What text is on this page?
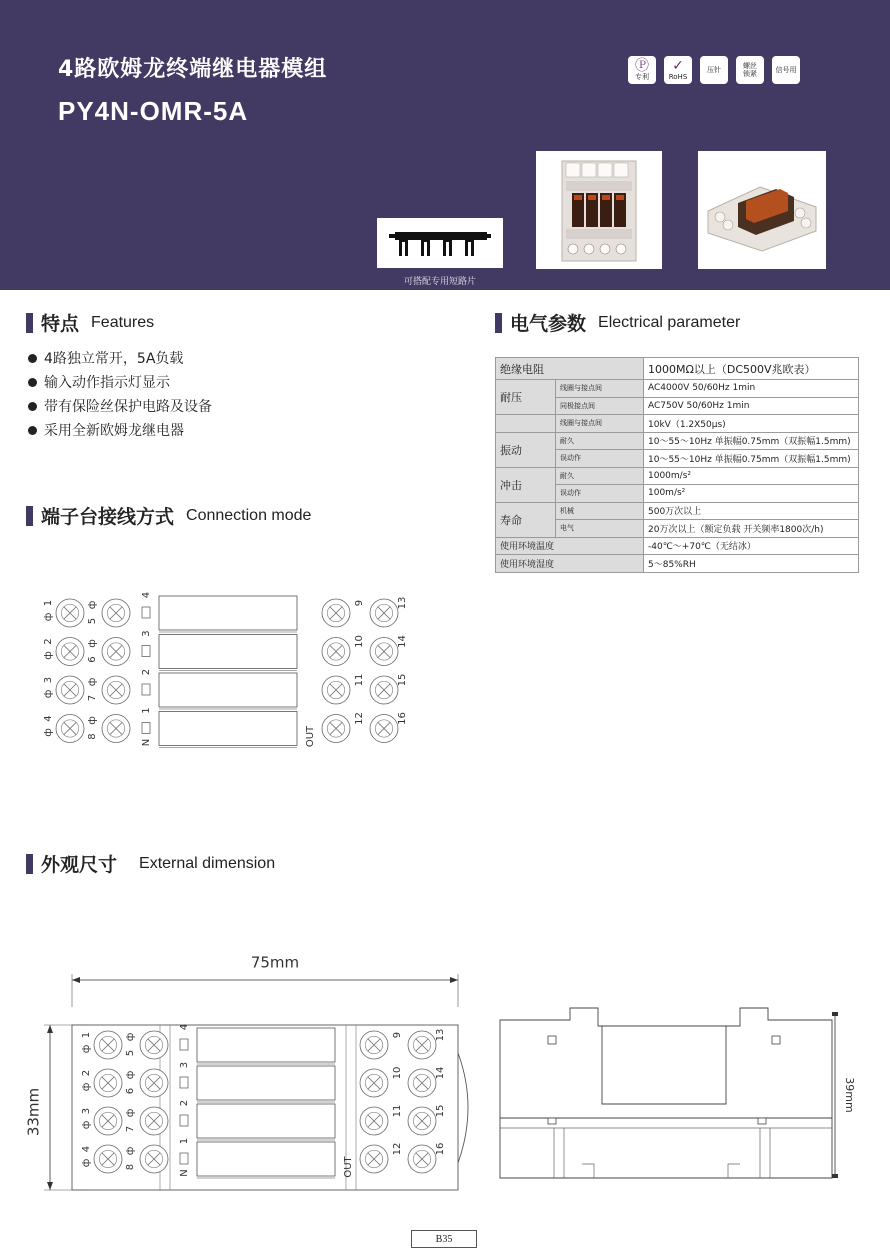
4路欧姆龙终端继电器模组
PY4N-OMR-5A
Ⓟ
专利
✓
RoHS
压针	螺丝
锁紧	信号用
可搭配专用短路片
特点 Features
4路独立常开，5A负载
输入动作指示灯显示
带有保险丝保护电路及设备
采用全新欧姆龙继电器
电气参数 Electrical parameter
绝缘电阻		1000MΩ以上（DC500V兆欧表）
耐压	线圈与接点间	AC4000V 50/60Hz 1min
	同极接点间	AC750V 50/60Hz 1min
	线圈与接点间	10kV（1.2X50μs)
振动	耐久	10～55～10Hz 单振幅0.75mm（双振幅1.5mm)
	误动作	10～55～10Hz 单振幅0.75mm（双振幅1.5mm)
冲击	耐久	1000m/s²
	误动作	100m/s²
寿命	机械	500万次以上
	电气	20万次以上（额定负载 开关频率1800次/h)
使用环境温度		-40℃～+70℃（无结冰）
使用环境湿度		5～85%RH
端子台接线方式 Connection mode
1
ф	5
ф
4
9	13
2
ф	6
ф
3
10	14
3
ф	7
ф
2
11	15
4
ф	8
ф
1
12	16
N	OUT
外观尺寸 External dimension
75mm
33mm
1
ф	5
ф
4
9	13
2
ф	6
ф
3
10	14
3
ф	7
ф
2
11	15
4
ф	8
ф
1
12	16
N	OUT
39mm
B35
